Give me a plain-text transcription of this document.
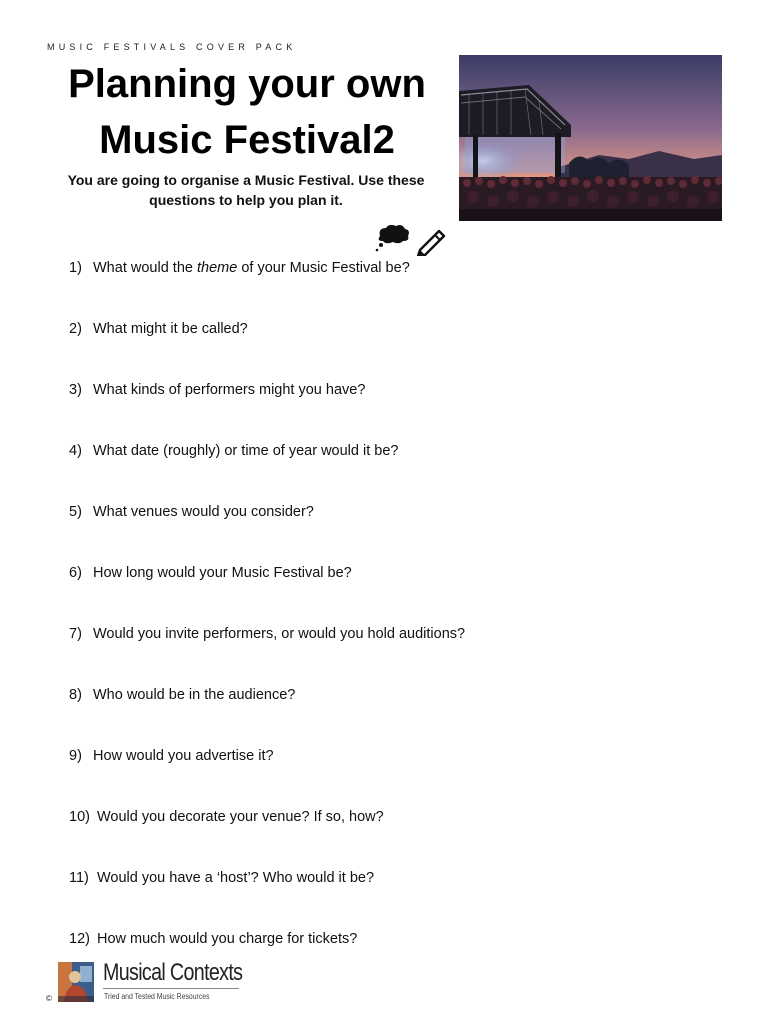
MUSIC FESTIVALS COVER PACK
Planning your own
Music Festival2
You are going to organise a Music Festival. Use these
questions to help you plan it.
1) What would the theme of your Music Festival be?
2) What might it be called?
3) What kinds of performers might you have?
4) What date (roughly) or time of year would it be?
5) What venues would you consider?
6) How long would your Music Festival be?
7) Would you invite performers, or would you hold auditions?
8) Who would be in the audience?
9) How would you advertise it?
10) Would you decorate your venue? If so, how?
11) Would you have a ‘host’? Who would it be?
12) How much would you charge for tickets?
Musical Contexts
Tried and Tested Music Resources
©
